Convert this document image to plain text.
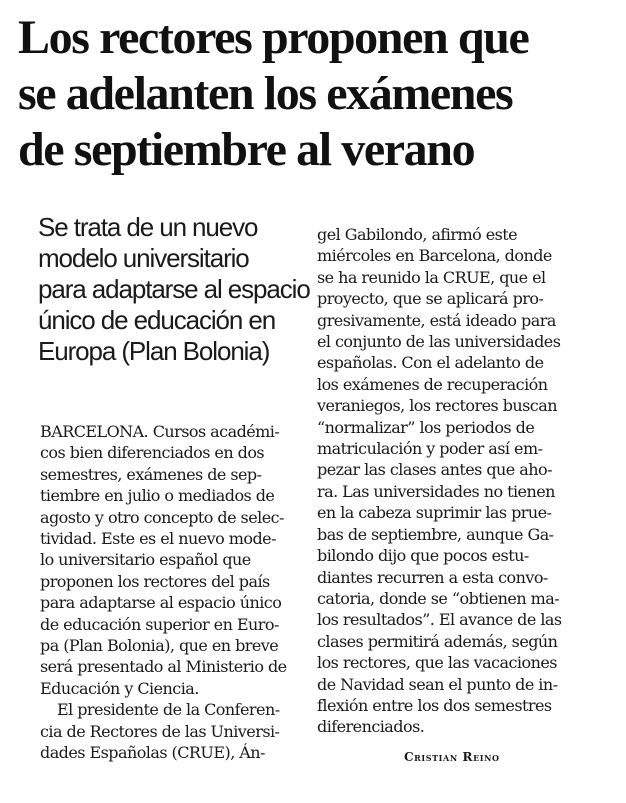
Los rectores proponen que
se adelanten los exámenes
de septiembre al verano
Se trata de un nuevo
modelo universitario
para adaptarse al espacio
único de educación en
Europa (Plan Bolonia)
BARCELONA. Cursos académi-
cos bien diferenciados en dos
semestres, exámenes de sep-
tiembre en julio o mediados de
agosto y otro concepto de selec-
tividad. Este es el nuevo mode-
lo universitario español que
proponen los rectores del país
para adaptarse al espacio único
de educación superior en Euro-
pa (Plan Bolonia), que en breve
será presentado al Ministerio de
Educación y Ciencia.
El presidente de la Conferen-
cia de Rectores de las Universi-
dades Españolas (CRUE), Án-
gel Gabilondo, afirmó este
miércoles en Barcelona, donde
se ha reunido la CRUE, que el
proyecto, que se aplicará pro-
gresivamente, está ideado para
el conjunto de las universidades
españolas. Con el adelanto de
los exámenes de recuperación
veraniegos, los rectores buscan
“normalizar” los periodos de
matriculación y poder así em-
pezar las clases antes que aho-
ra. Las universidades no tienen
en la cabeza suprimir las prue-
bas de septiembre, aunque Ga-
bilondo dijo que pocos estu-
diantes recurren a esta convo-
catoria, donde se “obtienen ma-
los resultados”. El avance de las
clases permitirá además, según
los rectores, que las vacaciones
de Navidad sean el punto de in-
flexión entre los dos semestres
diferenciados.
Cristian Reino
